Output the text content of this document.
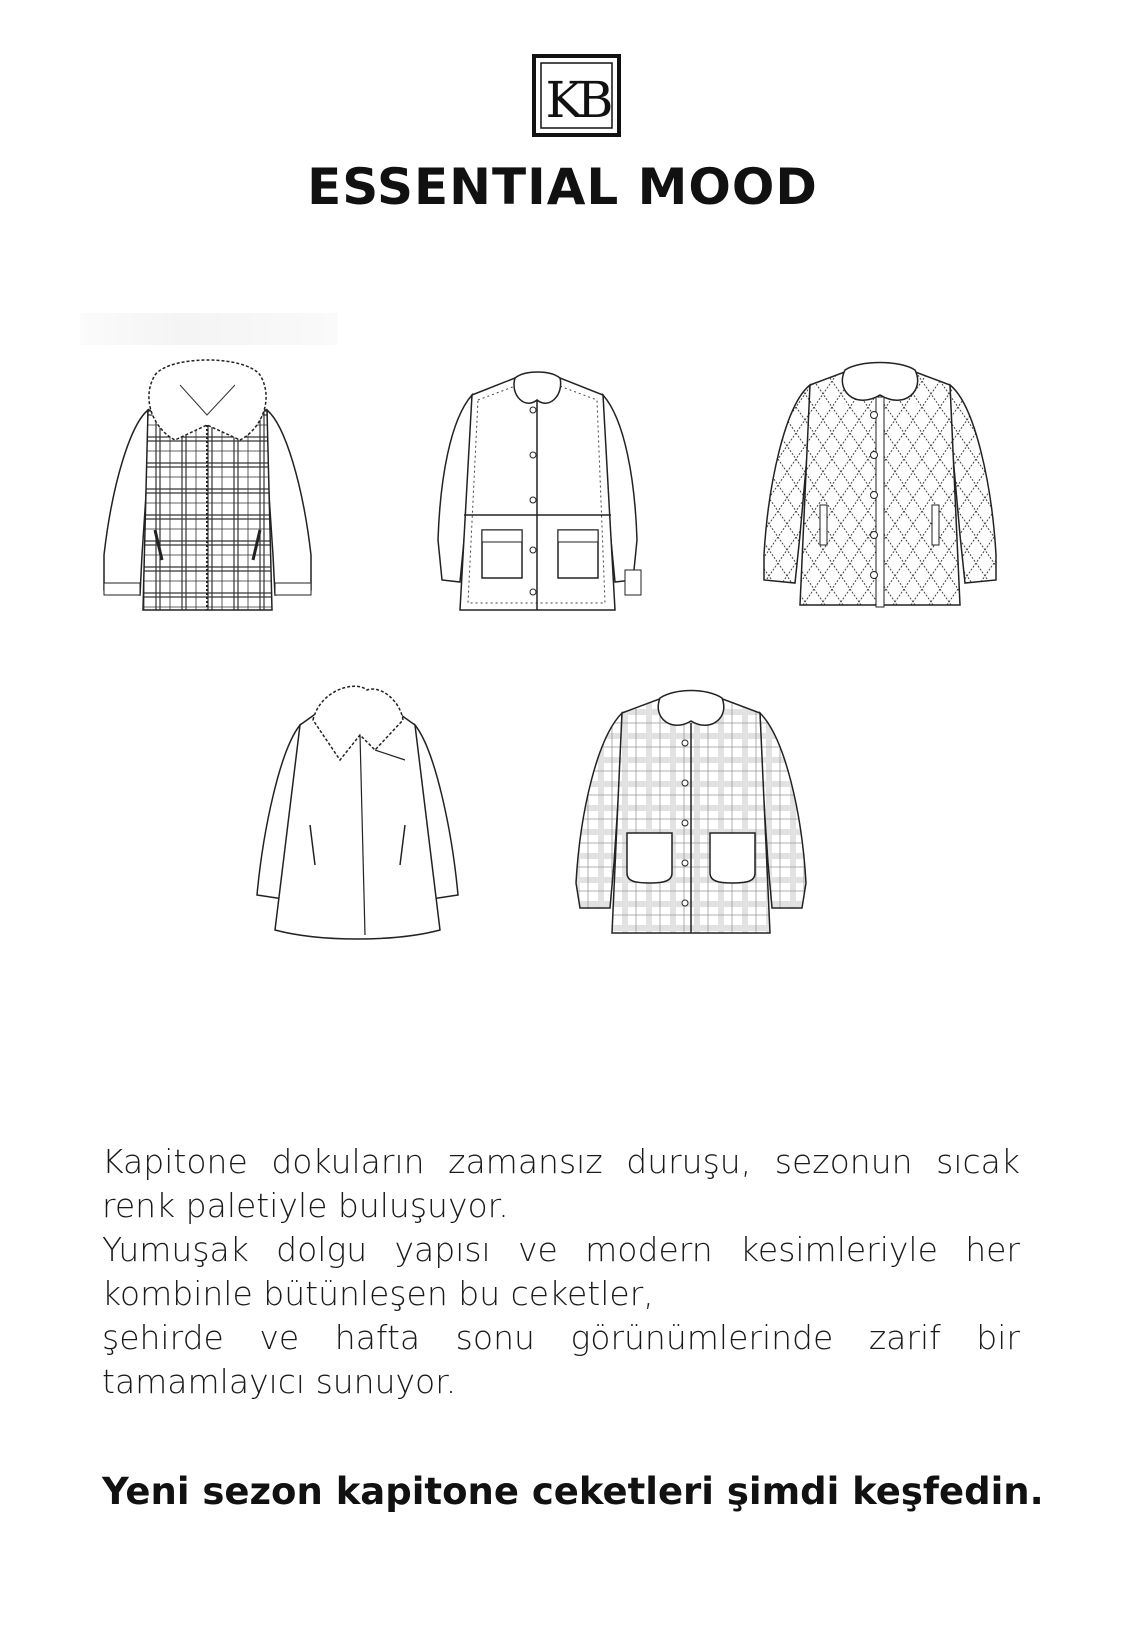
KB
ESSENTIAL MOOD
Kapitone dokuların zamansız duruşu, sezonun sıcak
renk paletiyle buluşuyor.
Yumuşak dolgu yapısı ve modern kesimleriyle her
kombinle bütünleşen bu ceketler,
şehirde ve hafta sonu görünümlerinde zarif bir
tamamlayıcı sunuyor.

Yeni sezon kapitone ceketleri şimdi keşfedin.
